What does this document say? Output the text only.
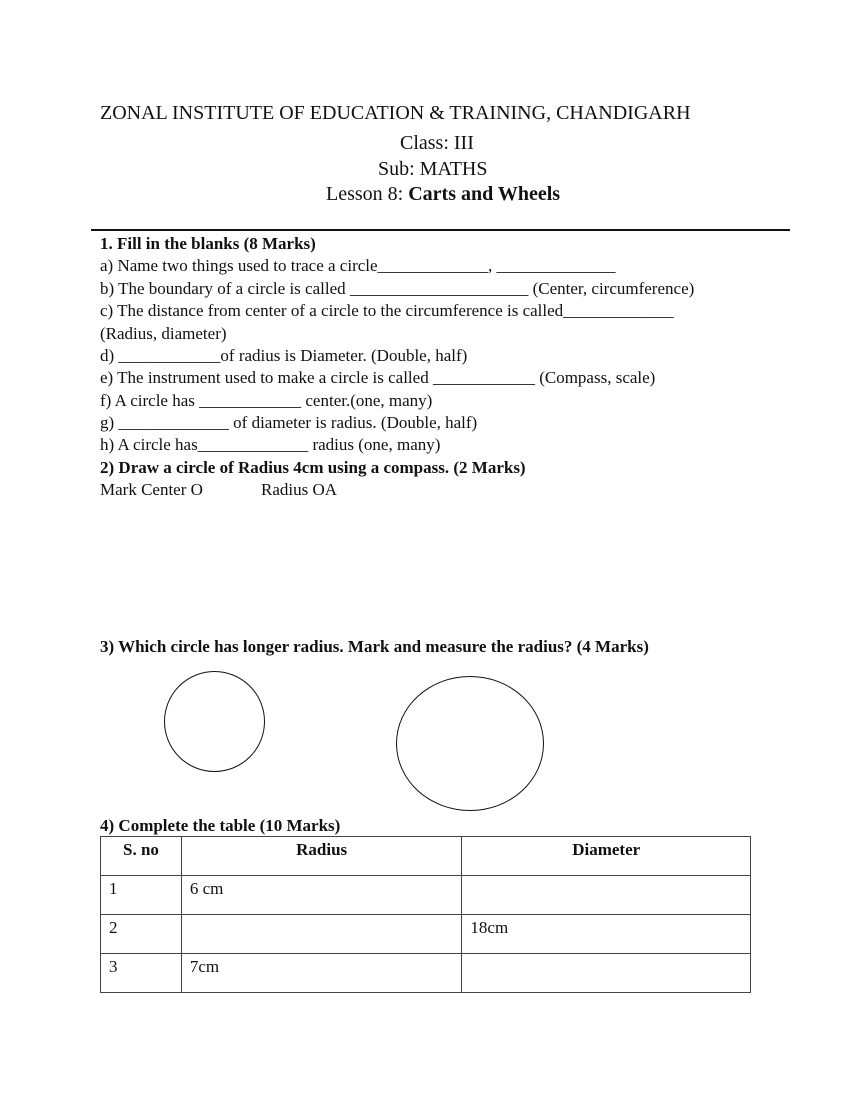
ZONAL INSTITUTE OF EDUCATION & TRAINING, CHANDIGARH
Class: III
Sub: MATHS
Lesson 8: Carts and Wheels
1. Fill in the blanks (8 Marks)
a) Name two things used to trace a circle_____________, ______________
b) The boundary of a circle is called _____________________ (Center, circumference)
c) The distance from center of a circle to the circumference is called_____________
(Radius, diameter)
d) ____________of radius is Diameter. (Double, half)
e) The instrument used to make a circle is called ____________ (Compass, scale)
f) A circle has ____________ center.(one, many)
g) _____________ of diameter is radius. (Double, half)
h) A circle has_____________ radius (one, many)
2) Draw a circle of Radius 4cm using a compass. (2 Marks)
Mark Center O	Radius OA
3) Which circle has longer radius. Mark and measure the radius? (4 Marks)
4) Complete the table (10 Marks)
S. no	Radius	Diameter
1	6 cm	
2		18cm
3	7cm	
